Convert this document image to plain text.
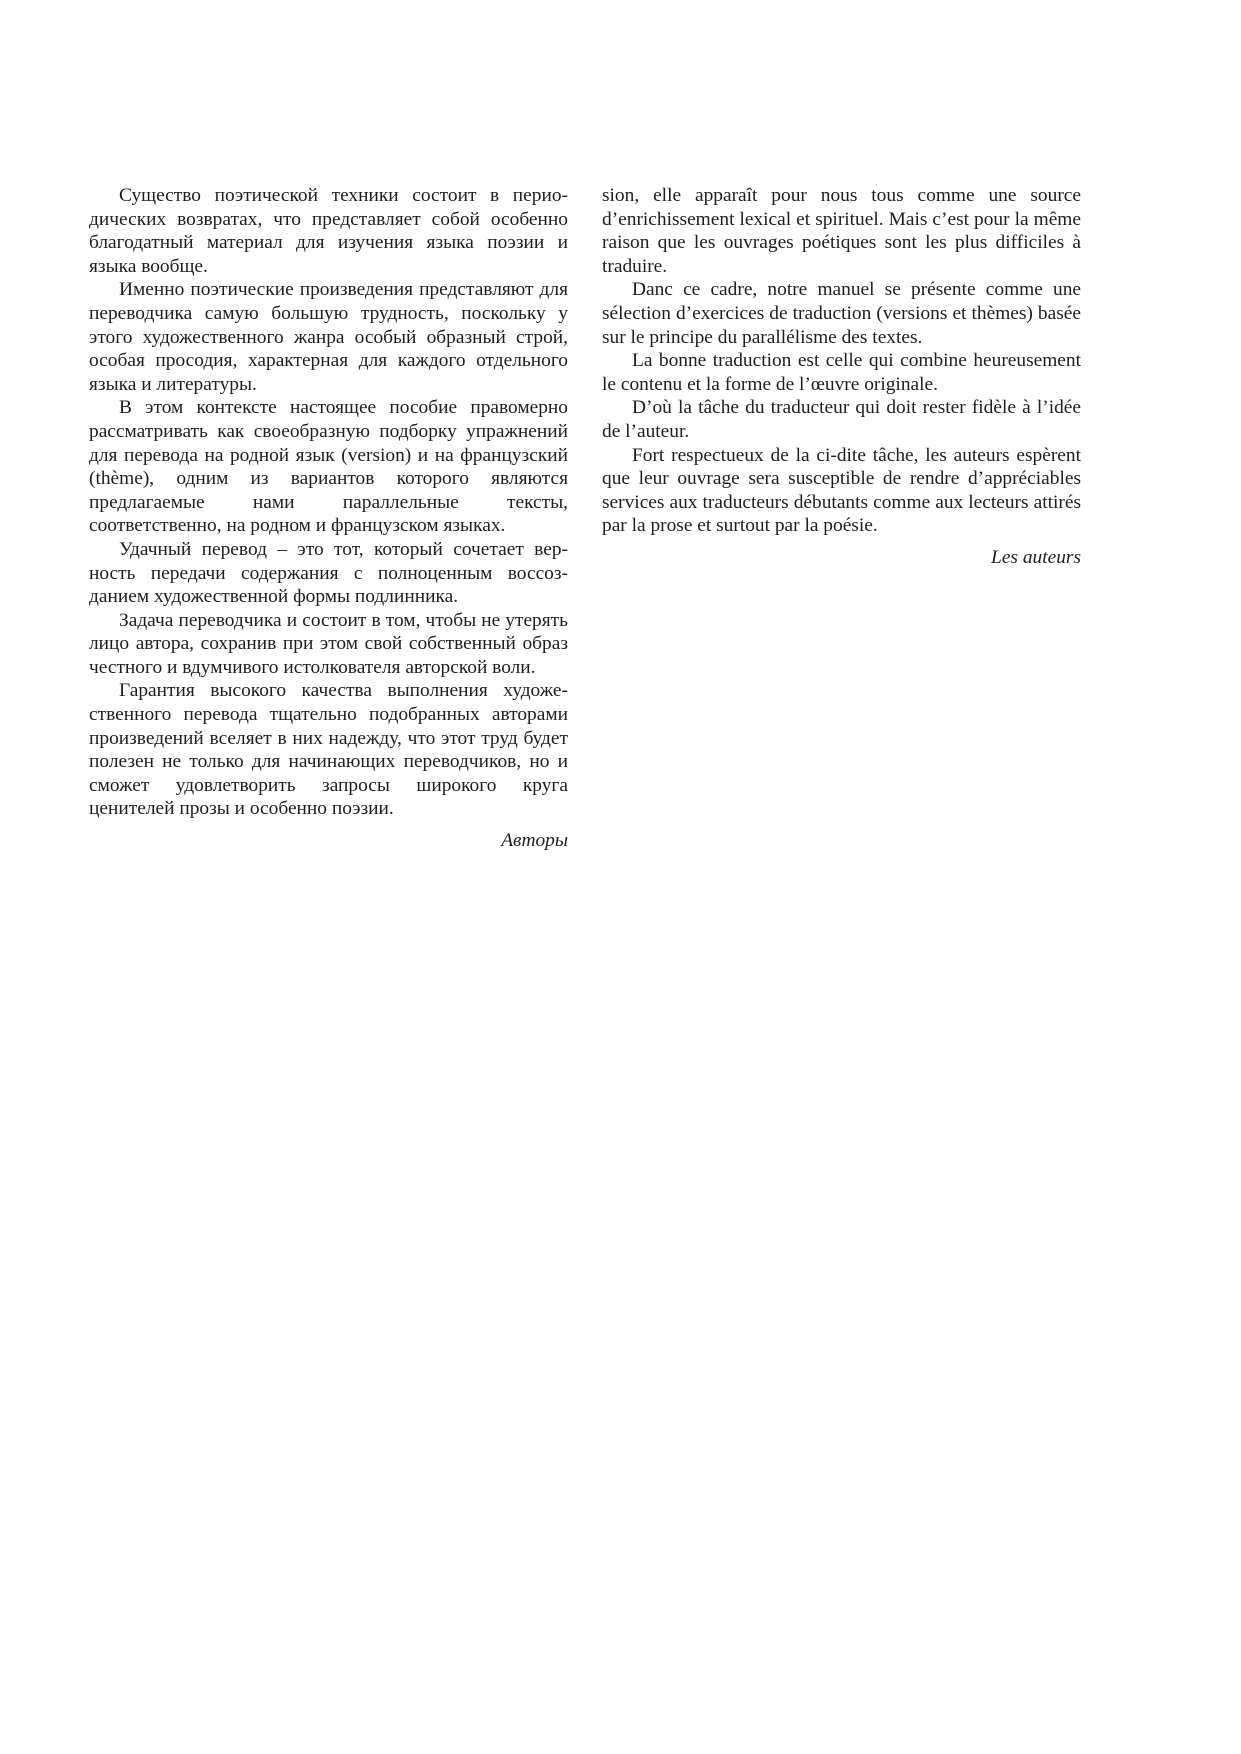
Существо поэтической техники состоит в периодических возвратах, что представляет собой особенно благодатный материал для изучения языка поэзии и языка вообще.

Именно поэтические произведения представляют для переводчика самую большую трудность, поскольку у этого художественного жанра особый образный строй, особая просодия, характерная для каждого отдельного языка и литературы.

В этом контексте настоящее пособие правомерно рассматривать как своеобразную подборку упражнений для перевода на родной язык (version) и на французский (thème), одним из вариантов которого являются предлагаемые нами параллельные тексты, соответственно, на родном и французском языках.

Удачный перевод – это тот, который сочетает верность передачи содержания с полноценным воссозданием художественной формы подлинника.

Задача переводчика и состоит в том, чтобы не утерять лицо автора, сохранив при этом свой собственный образ честного и вдумчивого истолкователя авторской воли.

Гарантия высокого качества выполнения художественного перевода тщательно подобранных авторами произведений вселяет в них надежду, что этот труд будет полезен не только для начинающих переводчиков, но и сможет удовлетворить запросы широкого круга ценителей прозы и особенно поэзии.

Авторы

sion, elle apparaît pour nous tous comme une source d’enrichissement lexical et spirituel. Mais c’est pour la même raison que les ouvrages poétiques sont les plus difficiles à traduire.

Danc ce cadre, notre manuel se présente comme une sélection d’exercices de traduction (versions et thèmes) basée sur le principe du parallélisme des textes.

La bonne traduction est celle qui combine heureusement le contenu et la forme de l’œuvre originale.

D’où la tâche du traducteur qui doit rester fidèle à l’idée de l’auteur.

Fort respectueux de la ci-dite tâche, les auteurs espèrent que leur ouvrage sera susceptible de rendre d’appréciables services aux traducteurs débutants comme aux lecteurs attirés par la prose et surtout par la poésie.

Les auteurs
